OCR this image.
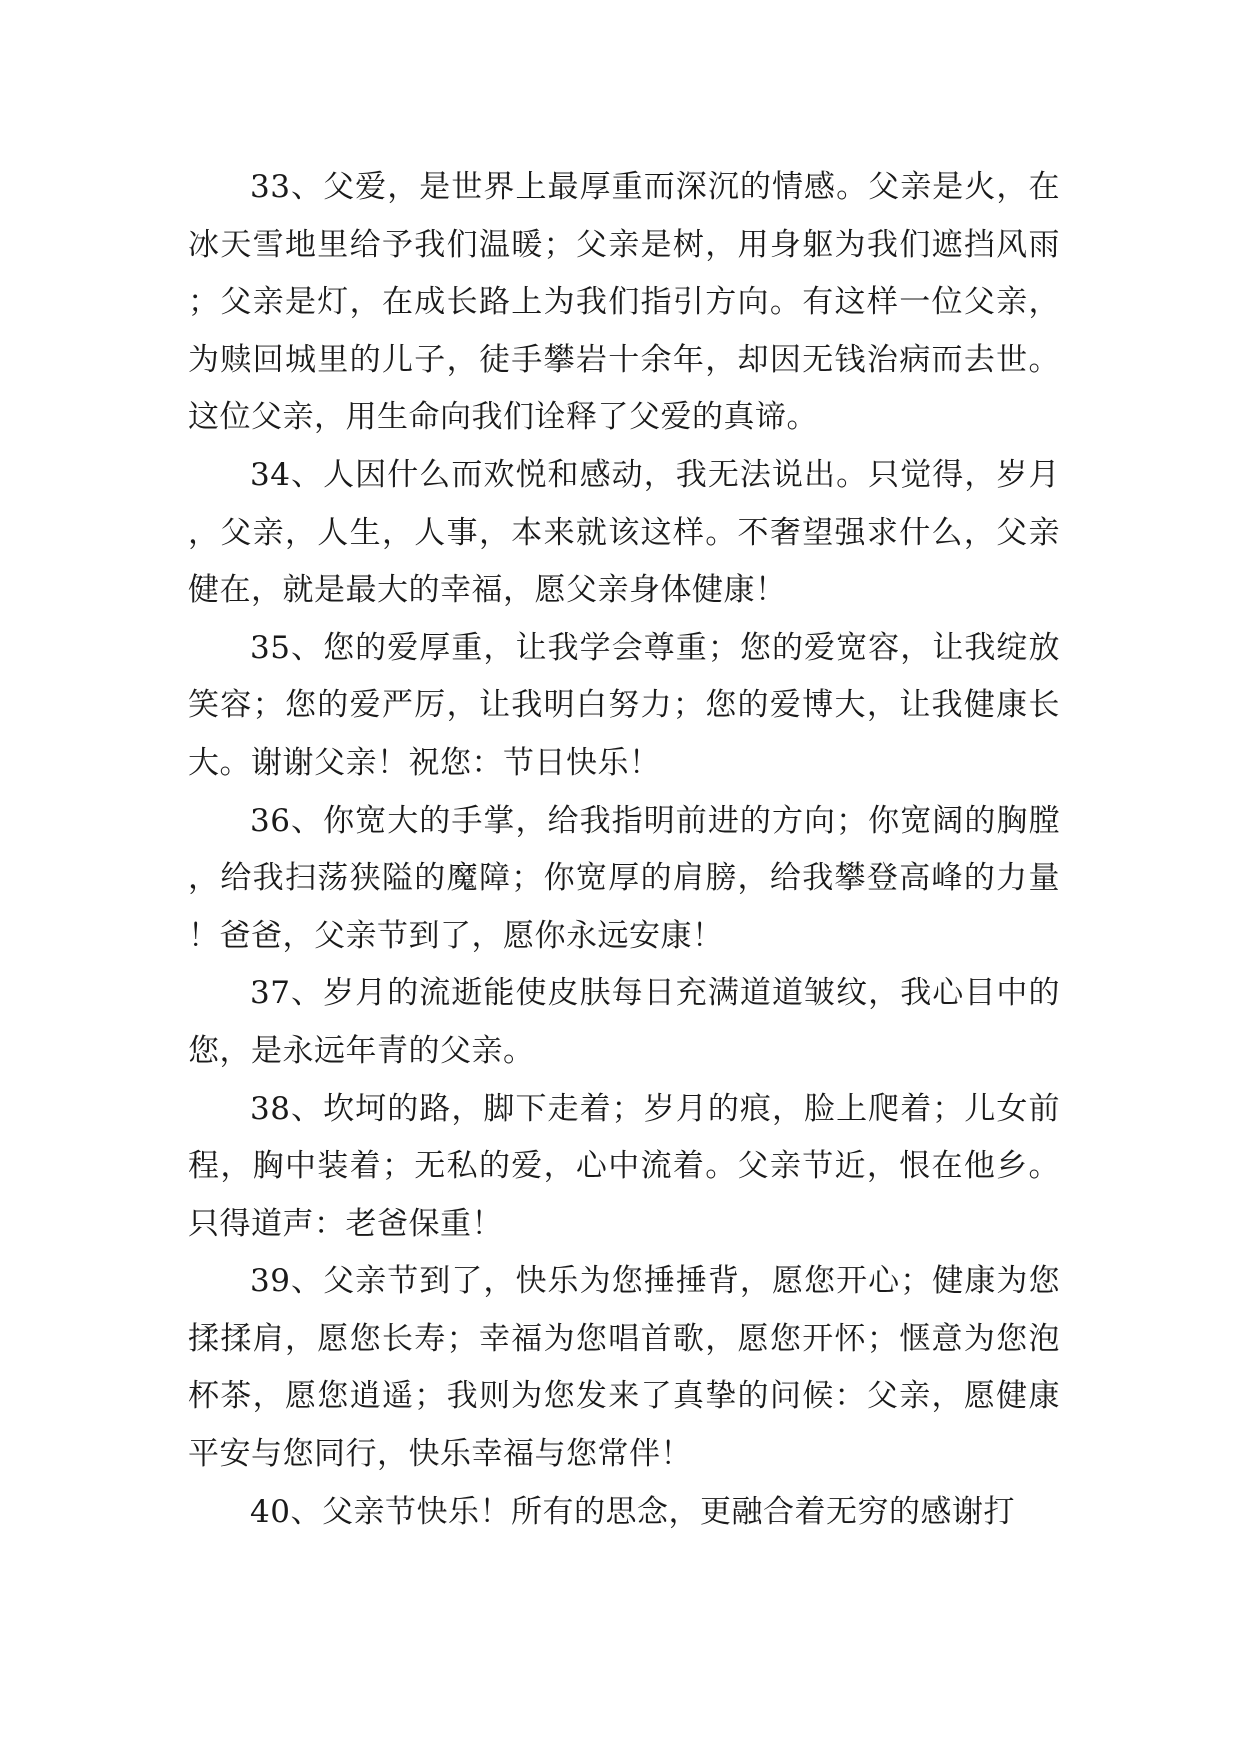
33、父爱，是世界上最厚重而深沉的情感。父亲是火，在冰天雪地里给予我们温暖；父亲是树，用身躯为我们遮挡风雨；父亲是灯，在成长路上为我们指引方向。有这样一位父亲，为赎回城里的儿子，徒手攀岩十余年，却因无钱治病而去世。这位父亲，用生命向我们诠释了父爱的真谛。

34、人因什么而欢悦和感动，我无法说出。只觉得，岁月，父亲，人生，人事，本来就该这样。不奢望强求什么，父亲健在，就是最大的幸福，愿父亲身体健康！

35、您的爱厚重，让我学会尊重；您的爱宽容，让我绽放笑容；您的爱严厉，让我明白努力；您的爱博大，让我健康长大。谢谢父亲！祝您：节日快乐！

36、你宽大的手掌，给我指明前进的方向；你宽阔的胸膛，给我扫荡狭隘的魔障；你宽厚的肩膀，给我攀登高峰的力量！爸爸，父亲节到了，愿你永远安康！

37、岁月的流逝能使皮肤每日充满道道皱纹，我心目中的您，是永远年青的父亲。

38、坎坷的路，脚下走着；岁月的痕，脸上爬着；儿女前程，胸中装着；无私的爱，心中流着。父亲节近，恨在他乡。只得道声：老爸保重！

39、父亲节到了，快乐为您捶捶背，愿您开心；健康为您揉揉肩，愿您长寿；幸福为您唱首歌，愿您开怀；惬意为您泡杯茶，愿您逍遥；我则为您发来了真挚的问候：父亲，愿健康平安与您同行，快乐幸福与您常伴！

40、父亲节快乐！所有的思念，更融合着无穷的感谢打
